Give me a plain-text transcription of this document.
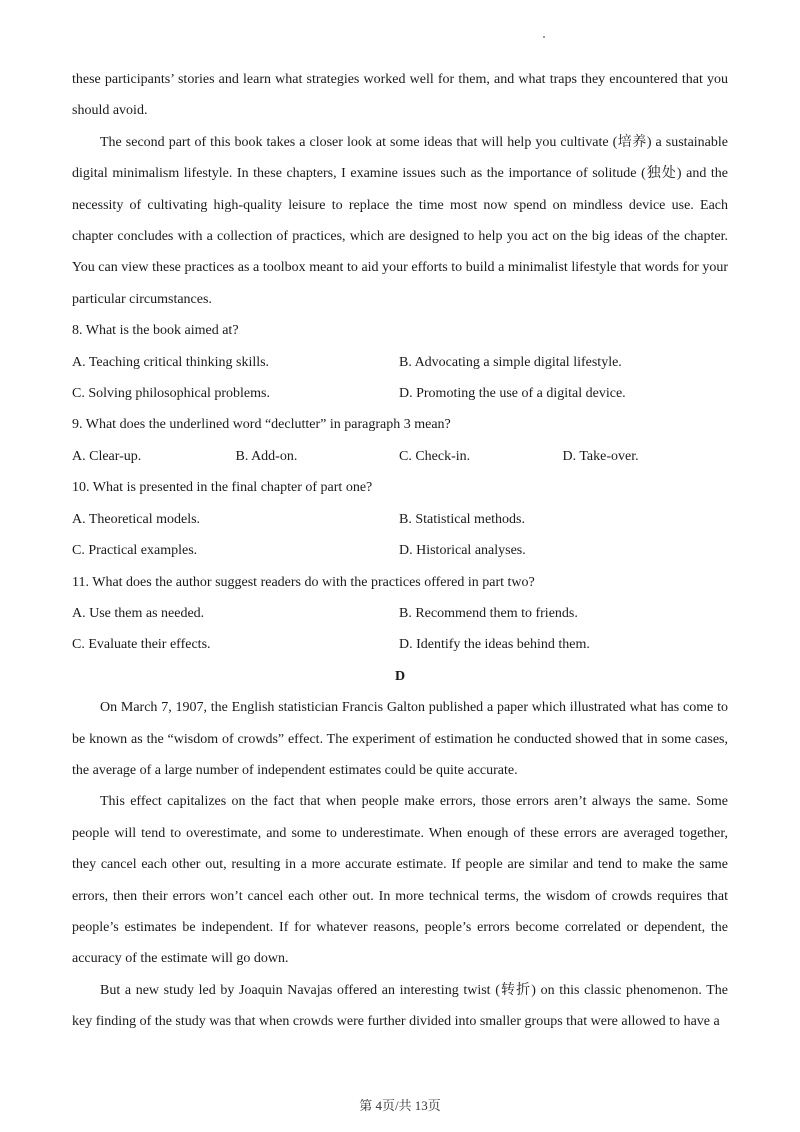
these participants’ stories and learn what strategies worked well for them, and what traps they encountered that you should avoid.

The second part of this book takes a closer look at some ideas that will help you cultivate (培养) a sustainable digital minimalism lifestyle. In these chapters, I examine issues such as the importance of solitude (独处) and the necessity of cultivating high-quality leisure to replace the time most now spend on mindless device use. Each chapter concludes with a collection of practices, which are designed to help you act on the big ideas of the chapter. You can view these practices as a toolbox meant to aid your efforts to build a minimalist lifestyle that words for your particular circumstances.

8. What is the book aimed at?

A. Teaching critical thinking skills.	B. Advocating a simple digital lifestyle.
C. Solving philosophical problems.	D. Promoting the use of a digital device.

9. What does the underlined word “declutter” in paragraph 3 mean?

A. Clear-up.	B. Add-on.	C. Check-in.	D. Take-over.

10. What is presented in the final chapter of part one?

A. Theoretical models.	B. Statistical methods.
C. Practical examples.	D. Historical analyses.

11. What does the author suggest readers do with the practices offered in part two?

A. Use them as needed.	B. Recommend them to friends.
C. Evaluate their effects.	D. Identify the ideas behind them.

D

On March 7, 1907, the English statistician Francis Galton published a paper which illustrated what has come to be known as the “wisdom of crowds” effect. The experiment of estimation he conducted showed that in some cases, the average of a large number of independent estimates could be quite accurate.

This effect capitalizes on the fact that when people make errors, those errors aren’t always the same. Some people will tend to overestimate, and some to underestimate. When enough of these errors are averaged together, they cancel each other out, resulting in a more accurate estimate. If people are similar and tend to make the same errors, then their errors won’t cancel each other out. In more technical terms, the wisdom of crowds requires that people’s estimates be independent. If for whatever reasons, people’s errors become correlated or dependent, the accuracy of the estimate will go down.

But a new study led by Joaquin Navajas offered an interesting twist (转折) on this classic phenomenon. The key finding of the study was that when crowds were further divided into smaller groups that were allowed to have a

第 4页/共 13页
